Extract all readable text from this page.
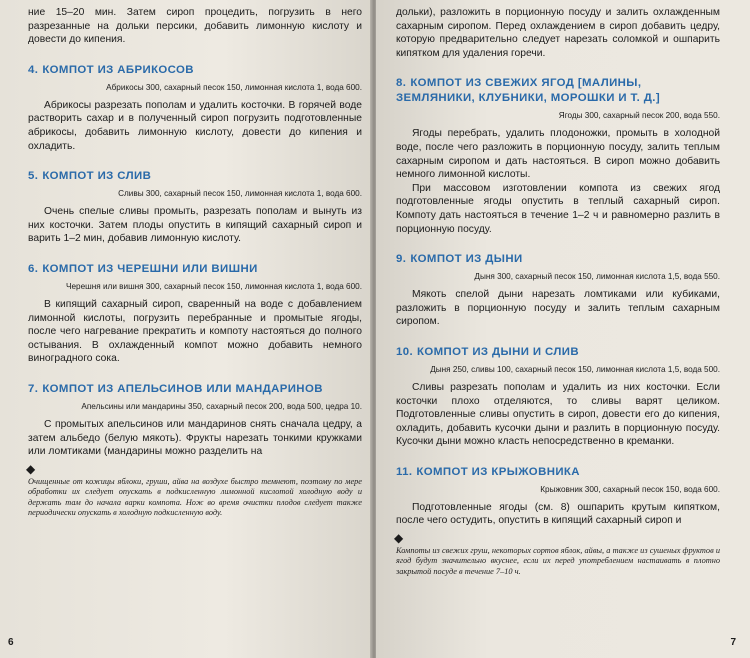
ние 15–20 мин. Затем сироп процедить, погрузить в него разрезанные на дольки персики, добавить лимонную кислоту и довести до кипения.

4. КОМПОТ ИЗ АБРИКОСОВ

Абрикосы 300, сахарный песок 150, лимонная кислота 1, вода 600.

Абрикосы разрезать пополам и удалить косточки. В горячей воде растворить сахар и в полученный сироп погрузить подготовленные абрикосы, добавить лимонную кислоту, довести до кипения и охладить.

5. КОМПОТ ИЗ СЛИВ

Сливы 300, сахарный песок 150, лимонная кислота 1, вода 600.

Очень спелые сливы промыть, разрезать пополам и вынуть из них косточки. Затем плоды опустить в кипящий сахарный сироп и варить 1–2 мин, добавив лимонную кислоту.

6. КОМПОТ ИЗ ЧЕРЕШНИ ИЛИ ВИШНИ

Черешня или вишня 300, сахарный песок 150, лимонная кислота 1, вода 600.

В кипящий сахарный сироп, сваренный на воде с добавлением лимонной кислоты, погрузить перебранные и промытые ягоды, после чего нагревание прекратить и компоту настояться до полного остывания. В охлажденный компот можно добавить немного виноградного сока.

7. КОМПОТ ИЗ АПЕЛЬСИНОВ ИЛИ МАНДАРИНОВ

Апельсины или мандарины 350, сахарный песок 200, вода 500, цедра 10.

С промытых апельсинов или мандаринов снять сначала цедру, а затем альбедо (белую мякоть). Фрукты нарезать тонкими кружками или ломтиками (мандарины можно разделить на

◆

Очищенные от кожицы яблоки, груши, айва на воздухе быстро темнеют, поэтому по мере обработки их следует опускать в подкисленную лимонной кислотой холодную воду и держать там до начала варки компота. Нож во время очистки плодов следует также периодически опускать в холодную подкисленную воду.

6

дольки), разложить в порционную посуду и залить охлажденным сахарным сиропом. Перед охлаждением в сироп добавить цедру, которую предварительно следует нарезать соломкой и ошпарить кипятком для удаления горечи.

8. КОМПОТ ИЗ СВЕЖИХ ЯГОД [МАЛИНЫ, ЗЕМЛЯНИКИ, КЛУБНИКИ, МОРОШКИ И Т. Д.]

Ягоды 300, сахарный песок 200, вода 550.

Ягоды перебрать, удалить плодоножки, промыть в холодной воде, после чего разложить в порционную посуду, залить теплым сахарным сиропом и дать настояться. В сироп можно добавить немного лимонной кислоты.

При массовом изготовлении компота из свежих ягод подготовленные ягоды опустить в теплый сахарный сироп. Компоту дать настояться в течение 1–2 ч и равномерно разлить в порционную посуду.

9. КОМПОТ ИЗ ДЫНИ

Дыня 300, сахарный песок 150, лимонная кислота 1,5, вода 550.

Мякоть спелой дыни нарезать ломтиками или кубиками, разложить в порционную посуду и залить теплым сахарным сиропом.

10. КОМПОТ ИЗ ДЫНИ И СЛИВ

Дыня 250, сливы 100, сахарный песок 150, лимонная кислота 1,5, вода 500.

Сливы разрезать пополам и удалить из них косточки. Если косточки плохо отделяются, то сливы варят целиком. Подготовленные сливы опустить в сироп, довести его до кипения, охладить, добавить кусочки дыни и разлить в порционную посуду. Кусочки дыни можно класть непосредственно в креманки.

11. КОМПОТ ИЗ КРЫЖОВНИКА

Крыжовник 300, сахарный песок 150, вода 600.

Подготовленные ягоды (см. 8) ошпарить крутым кипятком, после чего остудить, опустить в кипящий сахарный сироп и

◆

Компоты из свежих груш, некоторых сортов яблок, айвы, а также из сушеных фруктов и ягод будут значительно вкуснее, если их перед употреблением настаивать в плотно закрытой посуде в течение 7–10 ч.

7
